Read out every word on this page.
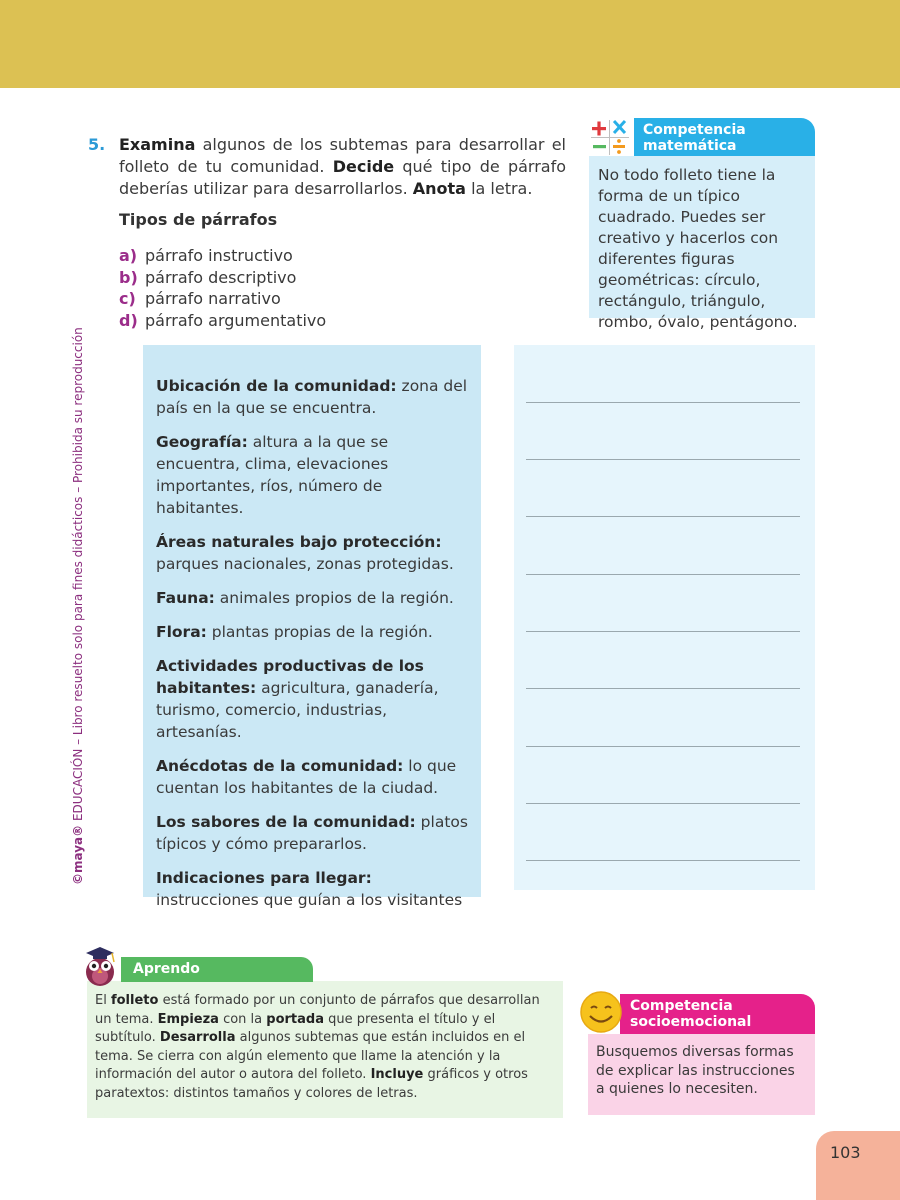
©maya® EDUCACIÓN – Libro resuelto solo para fines didácticos – Prohibida su reproducción
5. Examina algunos de los subtemas para desarrollar el folleto de tu comunidad. Decide qué tipo de párrafo deberías utilizar para desarrollarlos. Anota la letra.
Tipos de párrafos
a) párrafo instructivo
b) párrafo descriptivo
c) párrafo narrativo
d) párrafo argumentativo
Competencia
matemática
No todo folleto tiene la forma de un típico cuadrado. Puedes ser creativo y hacerlos con diferentes figuras geométricas: círculo, rectángulo, triángulo, rombo, óvalo, pentágono.

Ubicación de la comunidad: zona del país en la que se encuentra.

Geografía: altura a la que se encuentra, clima, elevaciones importantes, ríos, número de habitantes.

Áreas naturales bajo protección: parques nacionales, zonas protegidas.

Fauna: animales propios de la región.

Flora: plantas propias de la región.

Actividades productivas de los habitantes: agricultura, ganadería, turismo, comercio, industrias, artesanías.

Anécdotas de la comunidad: lo que cuentan los habitantes de la ciudad.

Los sabores de la comunidad: platos típicos y cómo prepararlos.

Indicaciones para llegar: instrucciones que guían a los visitantes

Aprendo
El folleto está formado por un conjunto de párrafos que desarrollan un tema. Empieza con la portada que presenta el título y el subtítulo. Desarrolla algunos subtemas que están incluidos en el tema. Se cierra con algún elemento que llame la atención y la información del autor o autora del folleto. Incluye gráficos y otros paratextos: distintos tamaños y colores de letras.
Competencia
socioemocional
Busquemos diversas formas de explicar las instrucciones a quienes lo necesiten.
103
